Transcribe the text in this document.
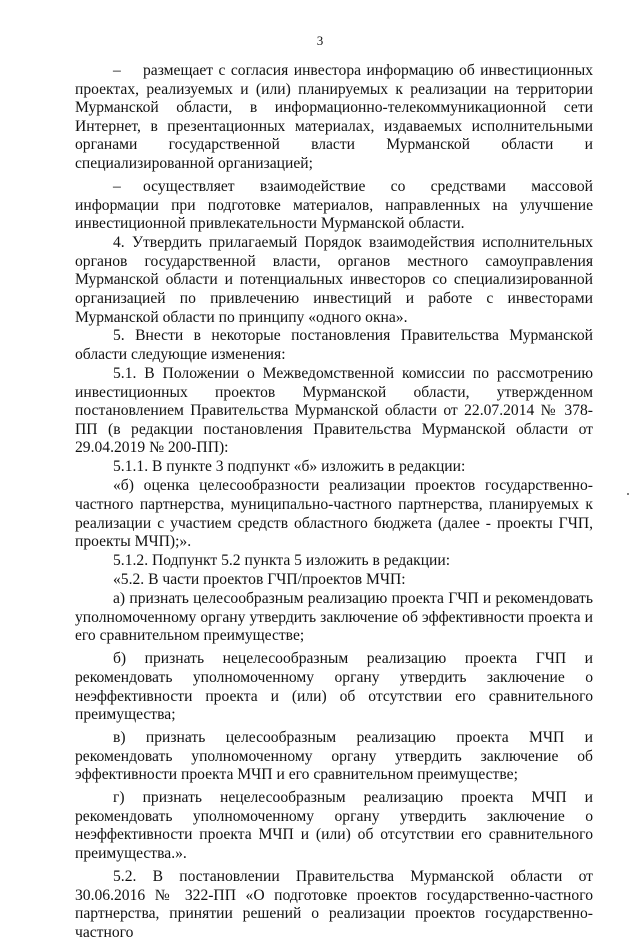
3

– размещает с согласия инвестора информацию об инвестиционных проектах, реализуемых и (или) планируемых к реализации на территории Мурманской области, в информационно-телекоммуникационной сети Интернет, в презентационных материалах, издаваемых исполнительными органами государственной власти Мурманской области и специализированной организацией;

– осуществляет взаимодействие со средствами массовой информации при подготовке материалов, направленных на улучшение инвестиционной привлекательности Мурманской области.

4. Утвердить прилагаемый Порядок взаимодействия исполнительных органов государственной власти, органов местного самоуправления Мурманской области и потенциальных инвесторов со специализированной организацией по привлечению инвестиций и работе с инвесторами Мурманской области по принципу «одного окна».

5. Внести в некоторые постановления Правительства Мурманской области следующие изменения:

5.1. В Положении о Межведомственной комиссии по рассмотрению инвестиционных проектов Мурманской области, утвержденном постановлением Правительства Мурманской области от 22.07.2014 № 378-ПП (в редакции постановления Правительства Мурманской области от 29.04.2019 № 200-ПП):

5.1.1. В пункте 3 подпункт «б» изложить в редакции:

«б) оценка целесообразности реализации проектов государственно-частного партнерства, муниципально-частного партнерства, планируемых к реализации с участием средств областного бюджета (далее - проекты ГЧП, проекты МЧП);».

5.1.2. Подпункт 5.2 пункта 5 изложить в редакции:

«5.2. В части проектов ГЧП/проектов МЧП:

а) признать целесообразным реализацию проекта ГЧП и рекомендовать уполномоченному органу утвердить заключение об эффективности проекта и его сравнительном преимуществе;

б) признать нецелесообразным реализацию проекта ГЧП и рекомендовать уполномоченному органу утвердить заключение о неэффективности проекта и (или) об отсутствии его сравнительного преимущества;

в) признать целесообразным реализацию проекта МЧП и рекомендовать уполномоченному органу утвердить заключение об эффективности проекта МЧП и его сравнительном преимуществе;

г) признать нецелесообразным реализацию проекта МЧП и рекомендовать уполномоченному органу утвердить заключение о неэффективности проекта МЧП и (или) об отсутствии его сравнительного преимущества.».

5.2. В постановлении Правительства Мурманской области от 30.06.2016 № 322-ПП «О подготовке проектов государственно-частного партнерства, принятии решений о реализации проектов государственно-частного
